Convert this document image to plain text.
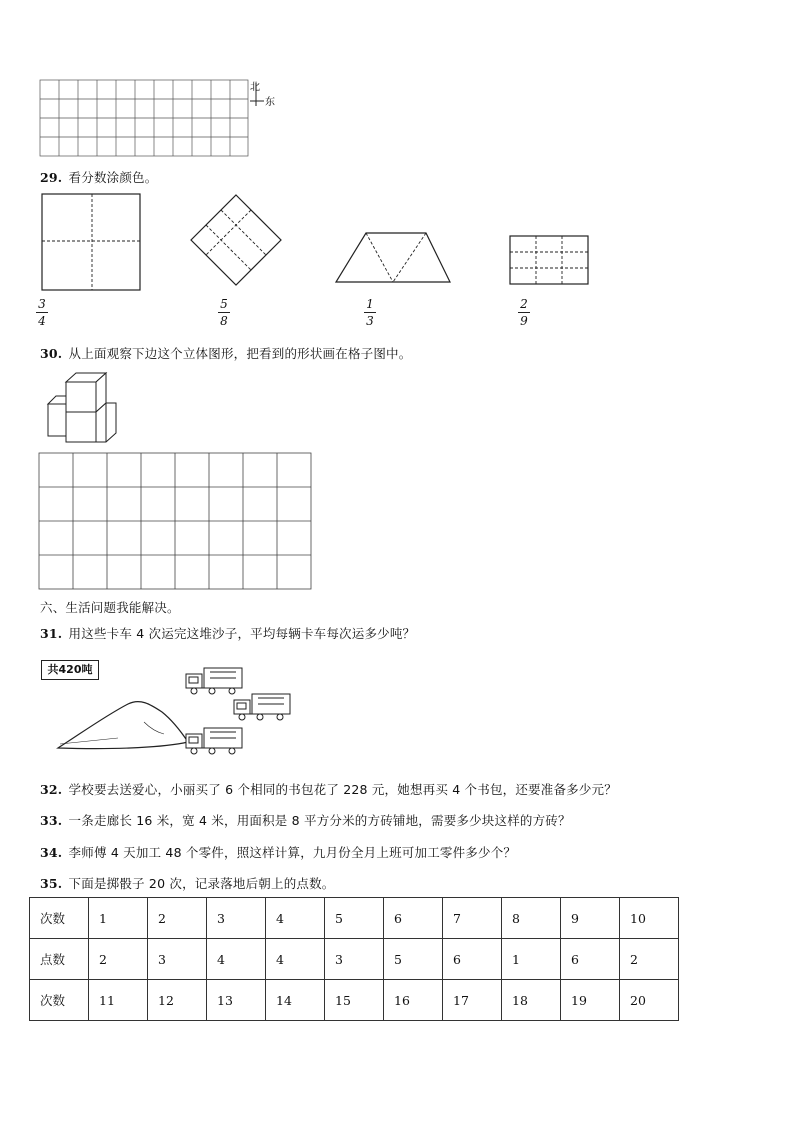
北
东
29. 看分数涂颜色。
3
4
5
8
1
3
2
9
30. 从上面观察下边这个立体图形，把看到的形状画在格子图中。
六、生活问题我能解决。
31. 用这些卡车 4 次运完这堆沙子，平均每辆卡车每次运多少吨？
共420吨
32. 学校要去送爱心，小丽买了 6 个相同的书包花了 228 元，她想再买 4 个书包，还要准备多少元？
33. 一条走廊长 16 米，宽 4 米，用面积是 8 平方分米的方砖铺地，需要多少块这样的方砖？
34. 李师傅 4 天加工 48 个零件，照这样计算，九月份全月上班可加工零件多少个？
35. 下面是掷骰子 20 次，记录落地后朝上的点数。
次数	1	2	3	4	5	6	7	8	9	10
点数	2	3	4	4	3	5	6	1	6	2
次数	11	12	13	14	15	16	17	18	19	20
